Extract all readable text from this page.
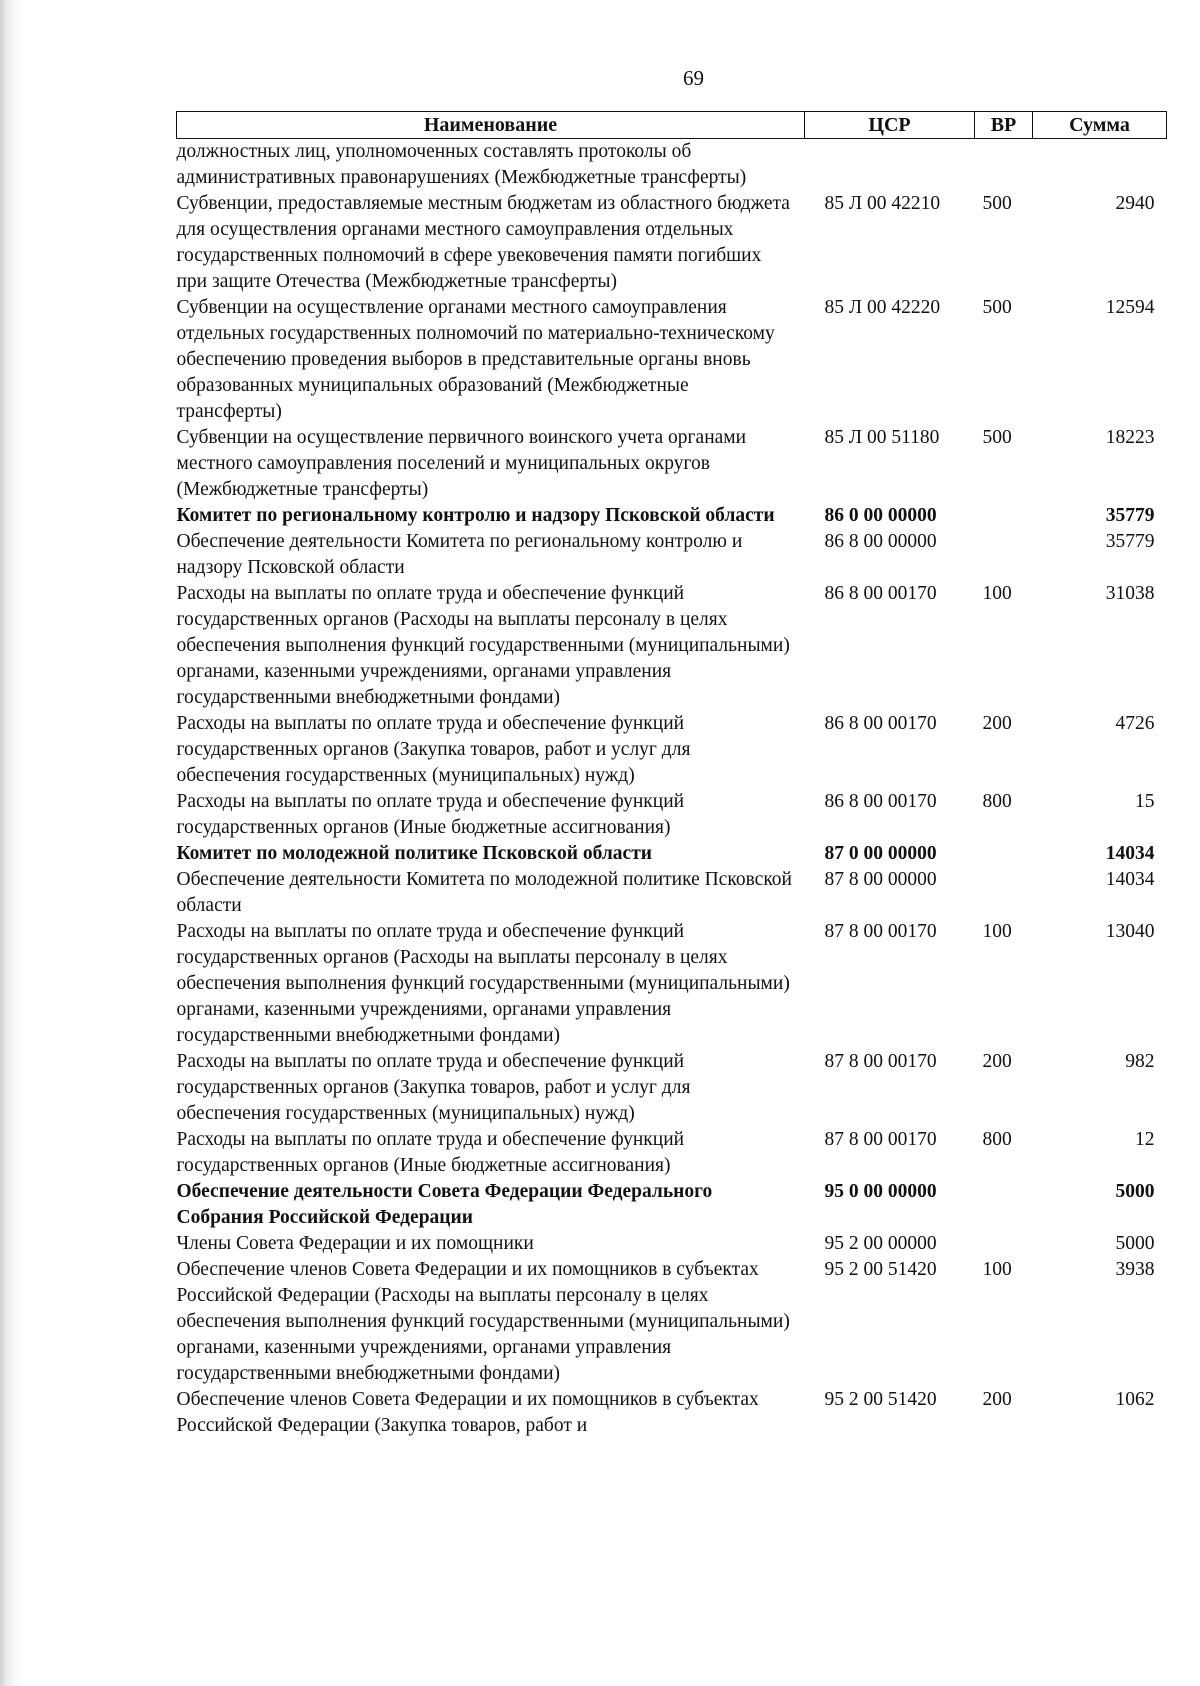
69
Наименование	ЦСР	ВР	Сумма
должностных лиц, уполномоченных составлять протоколы об административных правонарушениях (Межбюджетные трансферты)			
Субвенции, предоставляемые местным бюджетам из областного бюджета для осуществления органами местного самоуправления отдельных государственных полномочий в сфере увековечения памяти погибших при защите Отечества (Межбюджетные трансферты)	85 Л 00 42210	500	2940
Субвенции на осуществление органами местного самоуправления отдельных государственных полномочий по материально-техническому обеспечению проведения выборов в представительные органы вновь образованных муниципальных образований (Межбюджетные трансферты)	85 Л 00 42220	500	12594
Субвенции на осуществление первичного воинского учета органами местного самоуправления поселений и муниципальных округов (Межбюджетные трансферты)	85 Л 00 51180	500	18223
Комитет по региональному контролю и надзору Псковской области	86 0 00 00000		35779
Обеспечение деятельности Комитета по региональному контролю и надзору Псковской области	86 8 00 00000		35779
Расходы на выплаты по оплате труда и обеспечение функций государственных органов (Расходы на выплаты персоналу в целях обеспечения выполнения функций государственными (муниципальными) органами, казенными учреждениями, органами управления государственными внебюджетными фондами)	86 8 00 00170	100	31038
Расходы на выплаты по оплате труда и обеспечение функций государственных органов (Закупка товаров, работ и услуг для обеспечения государственных (муниципальных) нужд)	86 8 00 00170	200	4726
Расходы на выплаты по оплате труда и обеспечение функций государственных органов (Иные бюджетные ассигнования)	86 8 00 00170	800	15
Комитет по молодежной политике Псковской области	87 0 00 00000		14034
Обеспечение деятельности Комитета по молодежной политике Псковской области	87 8 00 00000		14034
Расходы на выплаты по оплате труда и обеспечение функций государственных органов (Расходы на выплаты персоналу в целях обеспечения выполнения функций государственными (муниципальными) органами, казенными учреждениями, органами управления государственными внебюджетными фондами)	87 8 00 00170	100	13040
Расходы на выплаты по оплате труда и обеспечение функций государственных органов (Закупка товаров, работ и услуг для обеспечения государственных (муниципальных) нужд)	87 8 00 00170	200	982
Расходы на выплаты по оплате труда и обеспечение функций государственных органов (Иные бюджетные ассигнования)	87 8 00 00170	800	12
Обеспечение деятельности Совета Федерации Федерального Собрания Российской Федерации	95 0 00 00000		5000
Члены Совета Федерации и их помощники	95 2 00 00000		5000
Обеспечение членов Совета Федерации и их помощников в субъектах Российской Федерации (Расходы на выплаты персоналу в целях обеспечения выполнения функций государственными (муниципальными) органами, казенными учреждениями, органами управления государственными внебюджетными фондами)	95 2 00 51420	100	3938
Обеспечение членов Совета Федерации и их помощников в субъектах Российской Федерации (Закупка товаров, работ и	95 2 00 51420	200	1062
